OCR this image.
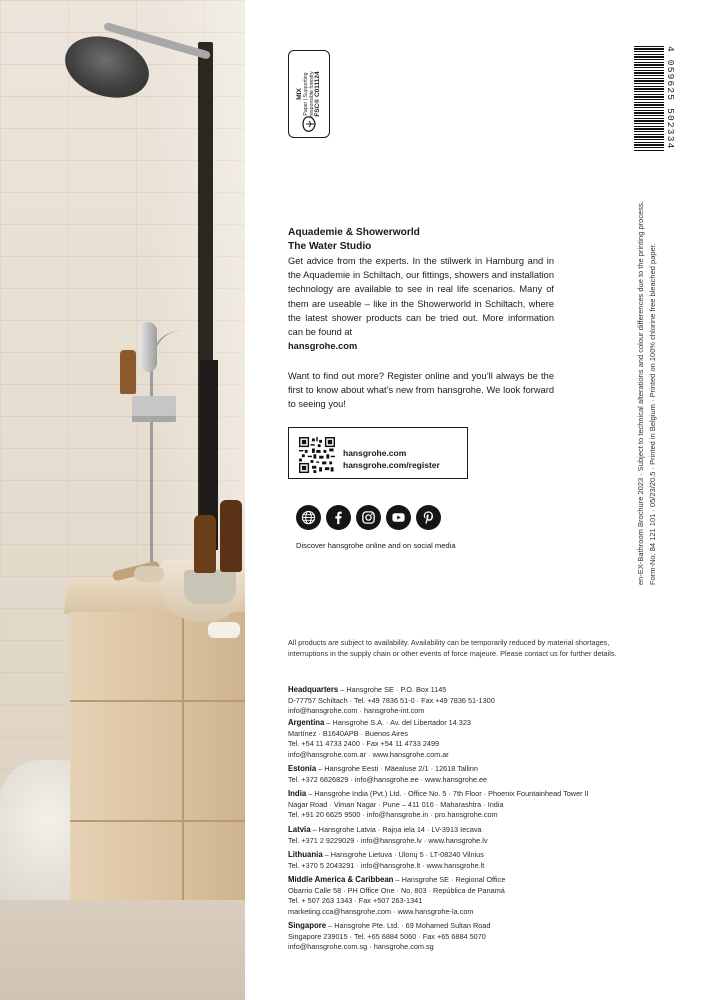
MIX
Paper | Supporting
responsible forestry
FSC® C011124	4 059625 502334
en-EX-Bathroom Brochure 2023 · Subject to technical alterations and colour differences due to the printing process. Form-No. 84 121 101 · 05/23/20.5 · Printed in Belgium · Printed on 100% chlorine free bleached paper.
Aquademie & Showerworld
The Water Studio
Get advice from the experts. In the stilwerk in Hamburg and in the Aquademie in Schiltach, our fittings, showers and installation technology are available to see in real life scenarios. Many of them are useable – like in the Showerworld in Schiltach, where the latest shower products can be tried out. More information can be found at
hansgrohe.com
Want to find out more? Register online and you’ll always be the first to know about what’s new from hansgrohe. We look forward to seeing you!
hansgrohe.com
hansgrohe.com/register
Discover hansgrohe online and on social media
All products are subject to availability. Availability can be temporarily reduced by material shortages, interruptions in the supply chain or other events of force majeure. Please contact us for further details.
Headquarters – Hansgrohe SE · P.O. Box 1145
D-77757 Schiltach · Tel. +49 7836 51-0 · Fax +49 7836 51-1300
info@hansgrohe.com · hansgrohe-int.com
Argentina – Hansgrohe S.A. · Av. del Libertador 14.323
Martínez · B1640APB · Buenos Aires
Tel. +54 11 4733 2400 · Fax +54 11 4733 2499
info@hansgrohe.com.ar · www.hansgrohe.com.ar
Estonia – Hansgrohe Eesti · Mäealuse 2/1 · 12618 Tallinn
Tel. +372 6826829 · info@hansgrohe.ee · www.hansgrohe.ee
India – Hansgrohe India (Pvt.) Ltd. · Office No. 5 · 7th Floor · Phoenix Fountainhead Tower II
Nagar Road · Viman Nagar · Pune – 411 016 · Maharashtra · India
Tel. +91 20 6625 9500 · info@hansgrohe.in · pro.hansgrohe.com
Latvia – Hansgrohe Latvia · Rajņa iela 14 · LV-3913 Iecava
Tel. +371 2 9229029 · info@hansgrohe.lv · www.hansgrohe.lv
Lithuania – Hansgrohe Lietuva · Ulonų 5 · LT-08240 Vilnius
Tel. +370 5 2043291 · info@hansgrohe.lt · www.hansgrohe.lt
Middle America & Caribbean – Hansgrohe SE · Regional Office
Obarrio Calle 58 · PH Office One · No. 803 · República de Panamá
Tel. + 507 263 1343 · Fax +507 263-1341
marketing.cca@hansgrohe.com · www.hansgrohe-la.com
Singapore – Hansgrohe Pte. Ltd. · 69 Mohamed Sultan Road
Singapore 239015 · Tel. +65 6884 5060 · Fax +65 6884 5070
info@hansgrohe.com.sg · hansgrohe.com.sg
